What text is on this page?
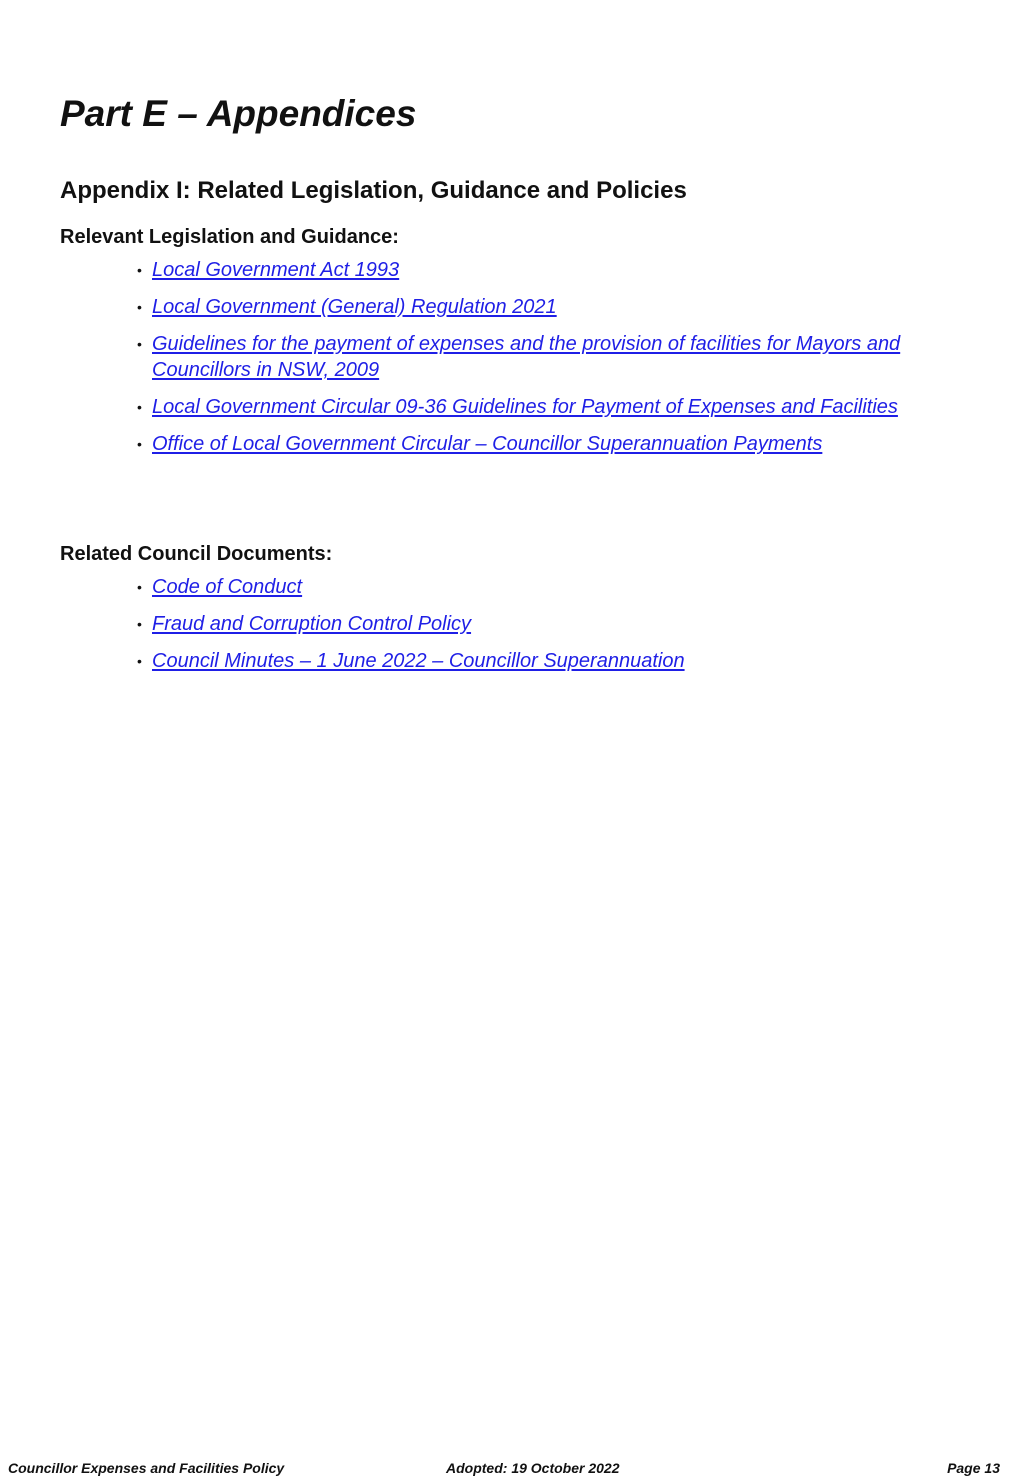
Part E – Appendices
Appendix I: Related Legislation, Guidance and Policies
Relevant Legislation and Guidance:
• Local Government Act 1993
• Local Government (General) Regulation 2021
• Guidelines for the payment of expenses and the provision of facilities for Mayors and Councillors in NSW, 2009
• Local Government Circular 09-36 Guidelines for Payment of Expenses and Facilities
• Office of Local Government Circular – Councillor Superannuation Payments
Related Council Documents:
• Code of Conduct
• Fraud and Corruption Control Policy
• Council Minutes – 1 June 2022 – Councillor Superannuation

Councillor Expenses and Facilities Policy	Adopted: 19 October 2022	Page 13
